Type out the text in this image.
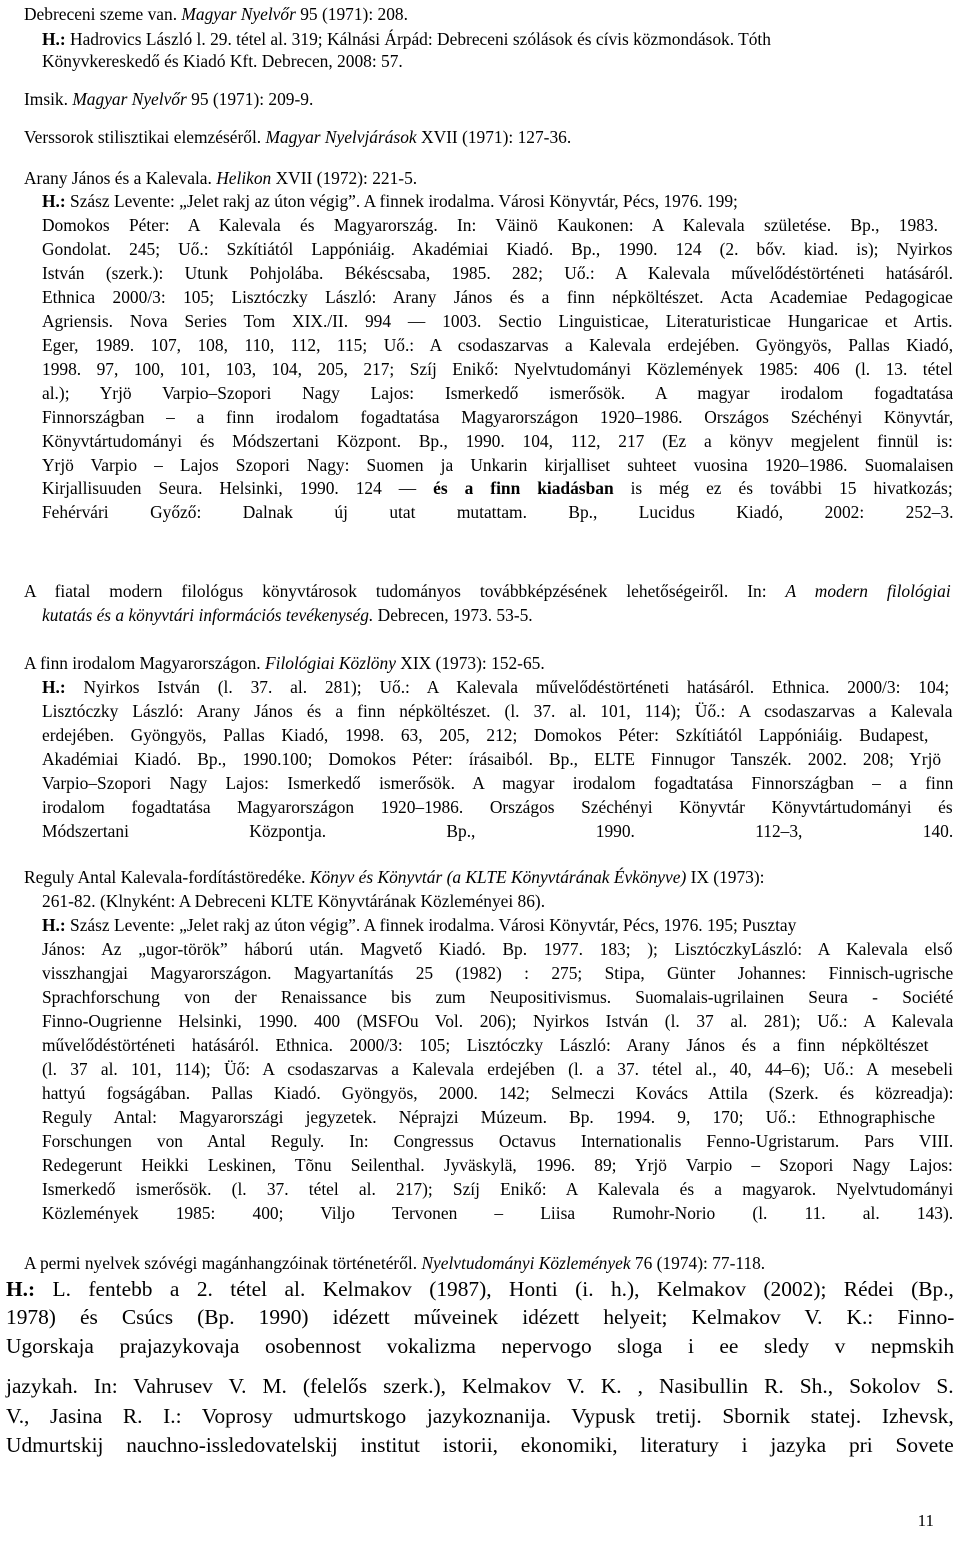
Debreceni szeme van. Magyar Nyelvőr 95 (1971): 208.
H.: Hadrovics László l. 29. tétel al. 319; Kálnási Árpád: Debreceni szólások és cívis közmondások. Tóth
Könyvkereskedő és Kiadó Kft. Debrecen, 2008: 57.
Imsik. Magyar Nyelvőr 95 (1971): 209-9.
Verssorok stilisztikai elemzéséről. Magyar Nyelvjárások XVII (1971): 127-36.
Arany János és a Kalevala. Helikon XVII (1972): 221-5.
H.: Szász Levente: „Jelet rakj az úton végig”. A finnek irodalma. Városi Könyvtár, Pécs, 1976. 199;
Domokos Péter: A Kalevala és Magyarország. In: Väinö Kaukonen: A Kalevala születése. Bp., 1983.
Gondolat. 245; Uő.: Szkítiától Lappóniáig. Akadémiai Kiadó. Bp., 1990. 124 (2. bőv. kiad. is); Nyirkos
István (szerk.): Utunk Pohjolába. Békéscsaba, 1985. 282; Uő.: A Kalevala művelődéstörténeti hatásáról.
Ethnica 2000/3: 105; Lisztóczky László: Arany János és a finn népköltészet. Acta Academiae Pedagogicae
Agriensis. Nova Series Tom XIX./II. 994 — 1003. Sectio Linguisticae, Literaturisticae Hungaricae et Artis.
Eger, 1989. 107, 108, 110, 112, 115; Uő.: A csodaszarvas a Kalevala erdejében. Gyöngyös, Pallas Kiadó,
1998. 97, 100, 101, 103, 104, 205, 217; Szíj Enikő: Nyelvtudományi Közlemények 1985: 406 (l. 13. tétel
al.); Yrjö Varpio–Szopori Nagy Lajos: Ismerkedő ismerősök. A magyar irodalom fogadtatása
Finnországban – a finn irodalom fogadtatása Magyarországon 1920–1986. Országos Széchényi Könyvtár,
Könyvtártudományi és Módszertani Központ. Bp., 1990. 104, 112, 217 (Ez a könyv megjelent finnül is:
Yrjö Varpio – Lajos Szopori Nagy: Suomen ja Unkarin kirjalliset suhteet vuosina 1920–1986. Suomalaisen
Kirjallisuuden Seura. Helsinki, 1990. 124 — és a finn kiadásban is még ez és további 15 hivatkozás;
Fehérvári Győző: Dalnak új utat mutattam. Bp., Lucidus Kiadó, 2002: 252–3.
A fiatal modern filológus könyvtárosok tudományos továbbképzésének lehetőségeiről. In: A modern filológiai
kutatás és a könyvtári információs tevékenység. Debrecen, 1973. 53-5.
A finn irodalom Magyarországon. Filológiai Közlöny XIX (1973): 152-65.
H.: Nyirkos István (l. 37. al. 281); Uő.: A Kalevala művelődéstörténeti hatásáról. Ethnica. 2000/3: 104;
Lisztóczky László: Arany János és a finn népköltészet. (l. 37. al. 101, 114); Üő.: A csodaszarvas a Kalevala
erdejében. Gyöngyös, Pallas Kiadó, 1998. 63, 205, 212; Domokos Péter: Szkítiától Lappóniáig. Budapest,
Akadémiai Kiadó. Bp., 1990.100; Domokos Péter: írásaiból. Bp., ELTE Finnugor Tanszék. 2002. 208; Yrjö
Varpio–Szopori Nagy Lajos: Ismerkedő ismerősök. A magyar irodalom fogadtatása Finnországban – a finn
irodalom fogadtatása Magyarországon 1920–1986. Országos Széchényi Könyvtár Könyvtártudományi és
Módszertani Központja. Bp., 1990. 112–3, 140.
Reguly Antal Kalevala-fordítástöredéke. Könyv és Könyvtár (a KLTE Könyvtárának Évkönyve) IX (1973):
261-82. (Klnyként: A Debreceni KLTE Könyvtárának Közleményei 86).
H.: Szász Levente: „Jelet rakj az úton végig”. A finnek irodalma. Városi Könyvtár, Pécs, 1976. 195; Pusztay
János: Az „ugor-török” háború után. Magvető Kiadó. Bp. 1977. 183; ); LisztóczkyLászló: A Kalevala első
visszhangjai Magyarországon. Magyartanítás 25 (1982) : 275; Stipa, Günter Johannes: Finnisch-ugrische
Sprachforschung von der Renaissance bis zum Neupositivismus. Suomalais-ugrilainen Seura - Société
Finno-Ougrienne Helsinki, 1990. 400 (MSFOu Vol. 206); Nyirkos István (l. 37 al. 281); Uő.: A Kalevala
művelődéstörténeti hatásáról. Ethnica. 2000/3: 105; Lisztóczky László: Arany János és a finn népköltészet
(l. 37 al. 101, 114); Üő: A csodaszarvas a Kalevala erdejében (l. a 37. tétel al., 40, 44–6); Uő.: A mesebeli
hattyú fogságában. Pallas Kiadó. Gyöngyös, 2000. 142; Selmeczi Kovács Attila (Szerk. és közreadja):
Reguly Antal: Magyarországi jegyzetek. Néprajzi Múzeum. Bp. 1994. 9, 170; Uő.: Ethnographische
Forschungen von Antal Reguly. In: Congressus Octavus Internationalis Fenno-Ugristarum. Pars VIII.
Redegerunt Heikki Leskinen, Tõnu Seilenthal. Jyväskylä, 1996. 89; Yrjö Varpio – Szopori Nagy Lajos:
Ismerkedő ismerősök. (l. 37. tétel al. 217); Szíj Enikő: A Kalevala és a magyarok. Nyelvtudományi
Közlemények 1985: 400; Viljo Tervonen – Liisa Rumohr-Norio (l. 11. al. 143).
A permi nyelvek szóvégi magánhangzóinak történetéről. Nyelvtudományi Közlemények 76 (1974): 77-118.
H.: L. fentebb a 2. tétel al. Kelmakov (1987), Honti (i. h.), Kelmakov (2002); Rédei (Bp.,
1978) és Csúcs (Bp. 1990) idézett műveinek idézett helyeit; Kelmakov V. K.: Finno-
Ugorskaja prajazykovaja osobennost vokalizma nepervogo sloga i ee sledy v nepmskih
jazykah. In: Vahrusev V. M. (felelős szerk.), Kelmakov V. K. , Nasibullin R. Sh., Sokolov S.
V., Jasina R. I.: Voprosy udmurtskogo jazykoznanija. Vypusk tretij. Sbornik statej. Izhevsk,
Udmurtskij nauchno-issledovatelskij institut istorii, ekonomiki, literatury i jazyka pri Sovete
11
